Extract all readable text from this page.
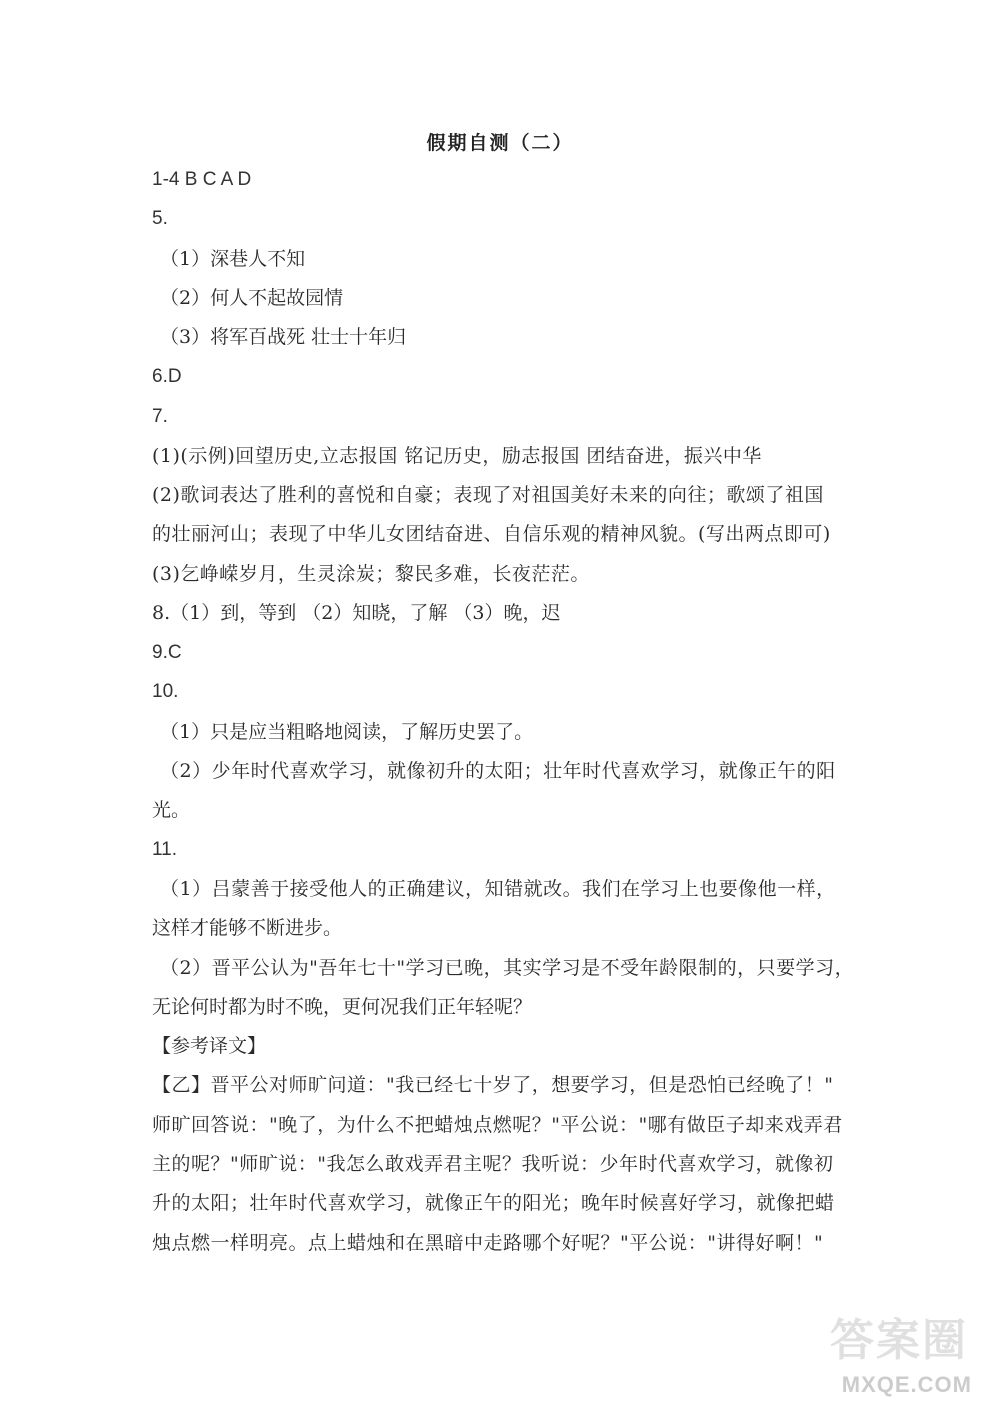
假期自测（二）
1-4 B C A D
5.
（1）深巷人不知
（2）何人不起故园情
（3）将军百战死 壮士十年归
6.D
7.
(1)(示例)回望历史,立志报国 铭记历史，励志报国 团结奋进，振兴中华
(2)歌词表达了胜利的喜悦和自豪；表现了对祖国美好未来的向往；歌颂了祖国
的壮丽河山；表现了中华儿女团结奋进、自信乐观的精神风貌。(写出两点即可)
(3)乞峥嵘岁月，生灵涂炭；黎民多难，长夜茫茫。
8.（1）到，等到 （2）知晓，了解 （3）晚，迟
9.C
10.
（1）只是应当粗略地阅读，了解历史罢了。
（2）少年时代喜欢学习，就像初升的太阳；壮年时代喜欢学习，就像正午的阳
光。
11.
（1）吕蒙善于接受他人的正确建议，知错就改。我们在学习上也要像他一样，
这样才能够不断进步。
（2）晋平公认为"吾年七十"学习已晚，其实学习是不受年龄限制的，只要学习，
无论何时都为时不晚，更何况我们正年轻呢？
【参考译文】
【乙】晋平公对师旷问道："我已经七十岁了，想要学习，但是恐怕已经晚了！"
师旷回答说："晚了，为什么不把蜡烛点燃呢？"平公说："哪有做臣子却来戏弄君
主的呢？"师旷说："我怎么敢戏弄君主呢？我听说：少年时代喜欢学习，就像初
升的太阳；壮年时代喜欢学习，就像正午的阳光；晚年时候喜好学习，就像把蜡
烛点燃一样明亮。点上蜡烛和在黑暗中走路哪个好呢？"平公说："讲得好啊！"
答案圈
MXQE.COM
